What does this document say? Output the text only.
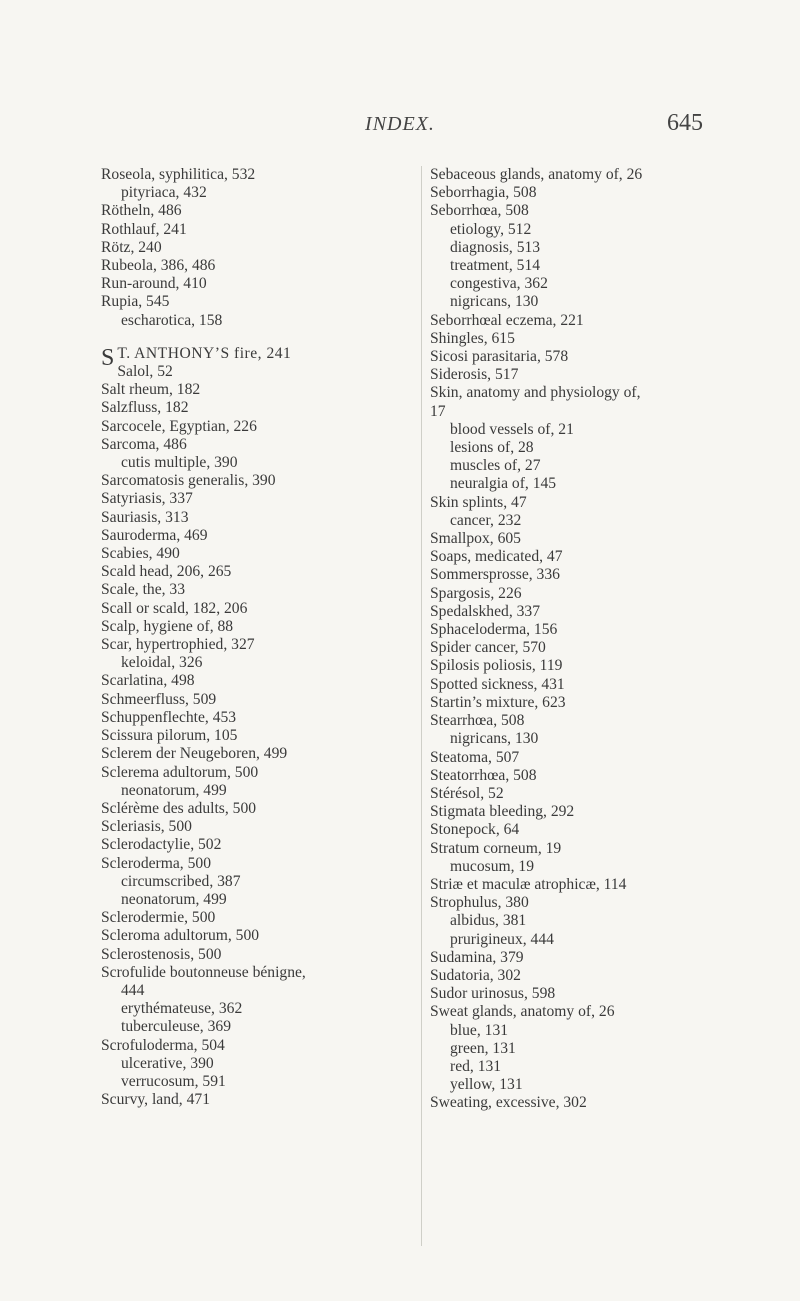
INDEX.	645
Roseola, syphilitica, 532
pityriaca, 432
Rötheln, 486
Rothlauf, 241
Rötz, 240
Rubeola, 386, 486
Run-around, 410
Rupia, 545
escharotica, 158
S T. ANTHONY’S fire, 241
Salol, 52
Salt rheum, 182
Salzfluss, 182
Sarcocele, Egyptian, 226
Sarcoma, 486
cutis multiple, 390
Sarcomatosis generalis, 390
Satyriasis, 337
Sauriasis, 313
Sauroderma, 469
Scabies, 490
Scald head, 206, 265
Scale, the, 33
Scall or scald, 182, 206
Scalp, hygiene of, 88
Scar, hypertrophied, 327
keloidal, 326
Scarlatina, 498
Schmeerfluss, 509
Schuppenflechte, 453
Scissura pilorum, 105
Sclerem der Neugeboren, 499
Sclerema adultorum, 500
neonatorum, 499
Sclérème des adults, 500
Scleriasis, 500
Sclerodactylie, 502
Scleroderma, 500
circumscribed, 387
neonatorum, 499
Sclerodermie, 500
Scleroma adultorum, 500
Sclerostenosis, 500
Scrofulide boutonneuse bénigne,
444
erythémateuse, 362
tuberculeuse, 369
Scrofuloderma, 504
ulcerative, 390
verrucosum, 591
Scurvy, land, 471
Sebaceous glands, anatomy of, 26
Seborrhagia, 508
Seborrhœa, 508
etiology, 512
diagnosis, 513
treatment, 514
congestiva, 362
nigricans, 130
Seborrhœal eczema, 221
Shingles, 615
Sicosi parasitaria, 578
Siderosis, 517
Skin, anatomy and physiology of,
17
blood vessels of, 21
lesions of, 28
muscles of, 27
neuralgia of, 145
Skin splints, 47
cancer, 232
Smallpox, 605
Soaps, medicated, 47
Sommersprosse, 336
Spargosis, 226
Spedalskhed, 337
Sphaceloderma, 156
Spider cancer, 570
Spilosis poliosis, 119
Spotted sickness, 431
Startin’s mixture, 623
Stearrhœa, 508
nigricans, 130
Steatoma, 507
Steatorrhœa, 508
Stérésol, 52
Stigmata bleeding, 292
Stonepock, 64
Stratum corneum, 19
mucosum, 19
Striæ et maculæ atrophicæ, 114
Strophulus, 380
albidus, 381
prurigineux, 444
Sudamina, 379
Sudatoria, 302
Sudor urinosus, 598
Sweat glands, anatomy of, 26
blue, 131
green, 131
red, 131
yellow, 131
Sweating, excessive, 302
